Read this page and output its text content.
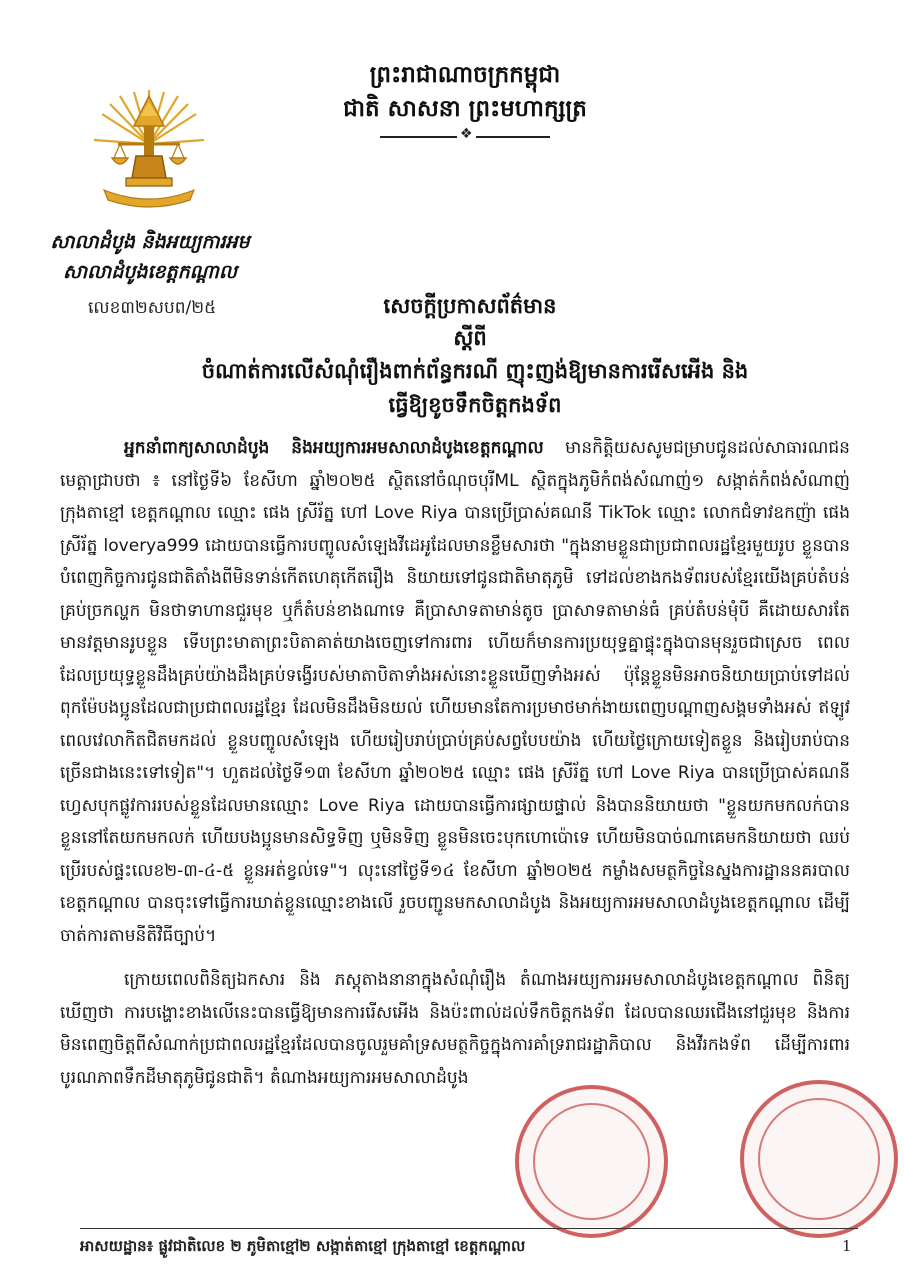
ព្រះរាជាណាចក្រកម្ពុជា
ជាតិ សាសនា ព្រះមហាក្សត្រ
❖
សាលាដំបូង និងអយ្យការអម
សាលាដំបូងខេត្តកណ្ដាល
លេខ៣២សបព/២៥	សេចក្ដីប្រកាសព័ត៌មាន
ស្ដីពី
ចំណាត់ការលើសំណុំរឿងពាក់ព័ន្ធករណី ញុះញង់ឱ្យមានការរើសអើង និង
ធ្វើឱ្យខូចទឹកចិត្តកងទ័ព

អ្នកនាំពាក្យសាលាដំបូង និងអយ្យការអមសាលាដំបូងខេត្តកណ្ដាល មានកិត្តិយសសូមជម្រាបជូនដល់សាធារណជនមេត្តាជ្រាបថា ៖ នៅថ្ងៃទី៦ ខែសីហា ឆ្នាំ២០២៥ ស្ថិតនៅចំណុចបុរីML ស្ថិតក្នុងភូមិកំពង់សំណាញ់១ សង្កាត់កំពង់សំណាញ់ ក្រុងតាខ្មៅ ខេត្តកណ្ដាល ឈ្មោះ ផេង ស្រីរ័ត្ន ហៅ Love Riya បានប្រើប្រាស់គណនី TikTok ឈ្មោះ លោកជំទាវឧកញ៉ា ផេង ស្រីរ័ត្ន loverya999 ដោយបានធ្វើការបញ្ចូលសំឡេងវីដេអូដែលមានខ្លឹមសារថា "ក្នុងនាមខ្លួនជាប្រជាពលរដ្ឋខ្មែរមួយរូប ខ្លួនបានបំពេញកិច្ចការជូនជាតិតាំងពីមិនទាន់កើតហេតុកើតរឿង និយាយទៅជូនជាតិមាតុភូមិ ទៅដល់ខាងកងទ័ពរបស់ខ្មែរយើងគ្រប់តំបន់ គ្រប់ច្រកល្ហក មិនថាទាហានជួរមុខ ឬក៏តំបន់ខាងណាទេ គឺប្រាសាទតាមាន់តូច ប្រាសាទតាមាន់ធំ គ្រប់តំបន់មុំបី គឺដោយសារតែមានវត្តមានរូបខ្លួន ទើបព្រះមាតាព្រះបិតាគាត់យាងចេញទៅការពារ ហើយក៏មានការប្រយុទ្ធគ្នាផ្ទុះក្នុងបានមុនរួចជាស្រេច ពេលដែលប្រយុទ្ធខ្លួនដឹងគ្រប់យ៉ាងដឹងគ្រប់ទង្វើរបស់មាតាបិតាទាំងអស់នោះខ្លួនឃើញទាំងអស់ ប៉ុន្តែខ្លួនមិនអាចនិយាយប្រាប់ទៅដល់ពុកម៉ែបងប្អូនដែលជាប្រជាពលរដ្ឋខ្មែរ ដែលមិនដឹងមិនយល់ ហើយមានតែការប្រមាថមាក់ងាយពេញបណ្ដាញសង្គមទាំងអស់ ឥឡូវពេលវេលាកិតជិតមកដល់ ខ្លួនបញ្ចូលសំឡេង ហើយរៀបរាប់ប្រាប់គ្រប់សព្វបែបយ៉ាង ហើយថ្ងៃក្រោយទៀតខ្លួន និងរៀបរាប់បានច្រើនជាងនេះទៅទៀត"។ ហួតដល់ថ្ងៃទី១៣ ខែសីហា ឆ្នាំ២០២៥ ឈ្មោះ ផេង ស្រីរ័ត្ន ហៅ Love Riya បានប្រើប្រាស់គណនីហ្វេសបុកផ្លូវការរបស់ខ្លួនដែលមានឈ្មោះ Love Riya ដោយបានធ្វើការផ្សាយផ្ទាល់ និងបាននិយាយថា "ខ្លួនយកមកលក់បាន ខ្លួននៅតែយកមកលក់ ហើយបងប្អូនមានសិទ្ធទិញ ឬមិនទិញ ខ្លួនមិនចេះបុកហោប៉ោទេ ហើយមិនបាច់ណាគេមកនិយាយថា ឈប់ប្រើរបស់ផ្ទះលេខ២-៣-៤-៥ ខ្លួនអត់ខ្វល់ទេ"។ លុះនៅថ្ងៃទី១៤ ខែសីហា ឆ្នាំ២០២៥ កម្លាំងសមត្ថកិច្ចនៃស្នងការដ្ឋាននគរបាលខេត្តកណ្ដាល បានចុះទៅធ្វើការឃាត់ខ្លួនឈ្មោះខាងលើ រួចបញ្ជូនមកសាលាដំបូង និងអយ្យការអមសាលាដំបូងខេត្តកណ្ដាល ដើម្បីចាត់ការតាមនីតិវិធីច្បាប់។

ក្រោយពេលពិនិត្យឯកសារ និង ភស្តុតាងនានាក្នុងសំណុំរឿង តំណាងអយ្យការអមសាលាដំបូងខេត្តកណ្ដាល ពិនិត្យឃើញថា ការបង្ហោះខាងលើនេះបានធ្វើឱ្យមានការរើសអើង និងប៉ះពាល់ដល់ទឹកចិត្តកងទ័ព ដែលបានឈរជើងនៅជួរមុខ និងការមិនពេញចិត្តពីសំណាក់ប្រជាពលរដ្ឋខ្មែរដែលបានចូលរួមគាំទ្រសមត្ថកិច្ចក្នុងការគាំទ្ររាជរដ្ឋាភិបាល និងវីរកងទ័ព ដើម្បីការពារបូរណភាពទឹកដីមាតុភូមិជូនជាតិ។ តំណាងអយ្យការអមសាលាដំបូង

អាសយដ្ឋាន៖ ផ្លូវជាតិលេខ ២ ភូមិតាខ្មៅ២ សង្កាត់តាខ្មៅ ក្រុងតាខ្មៅ ខេត្តកណ្ដាល	1
